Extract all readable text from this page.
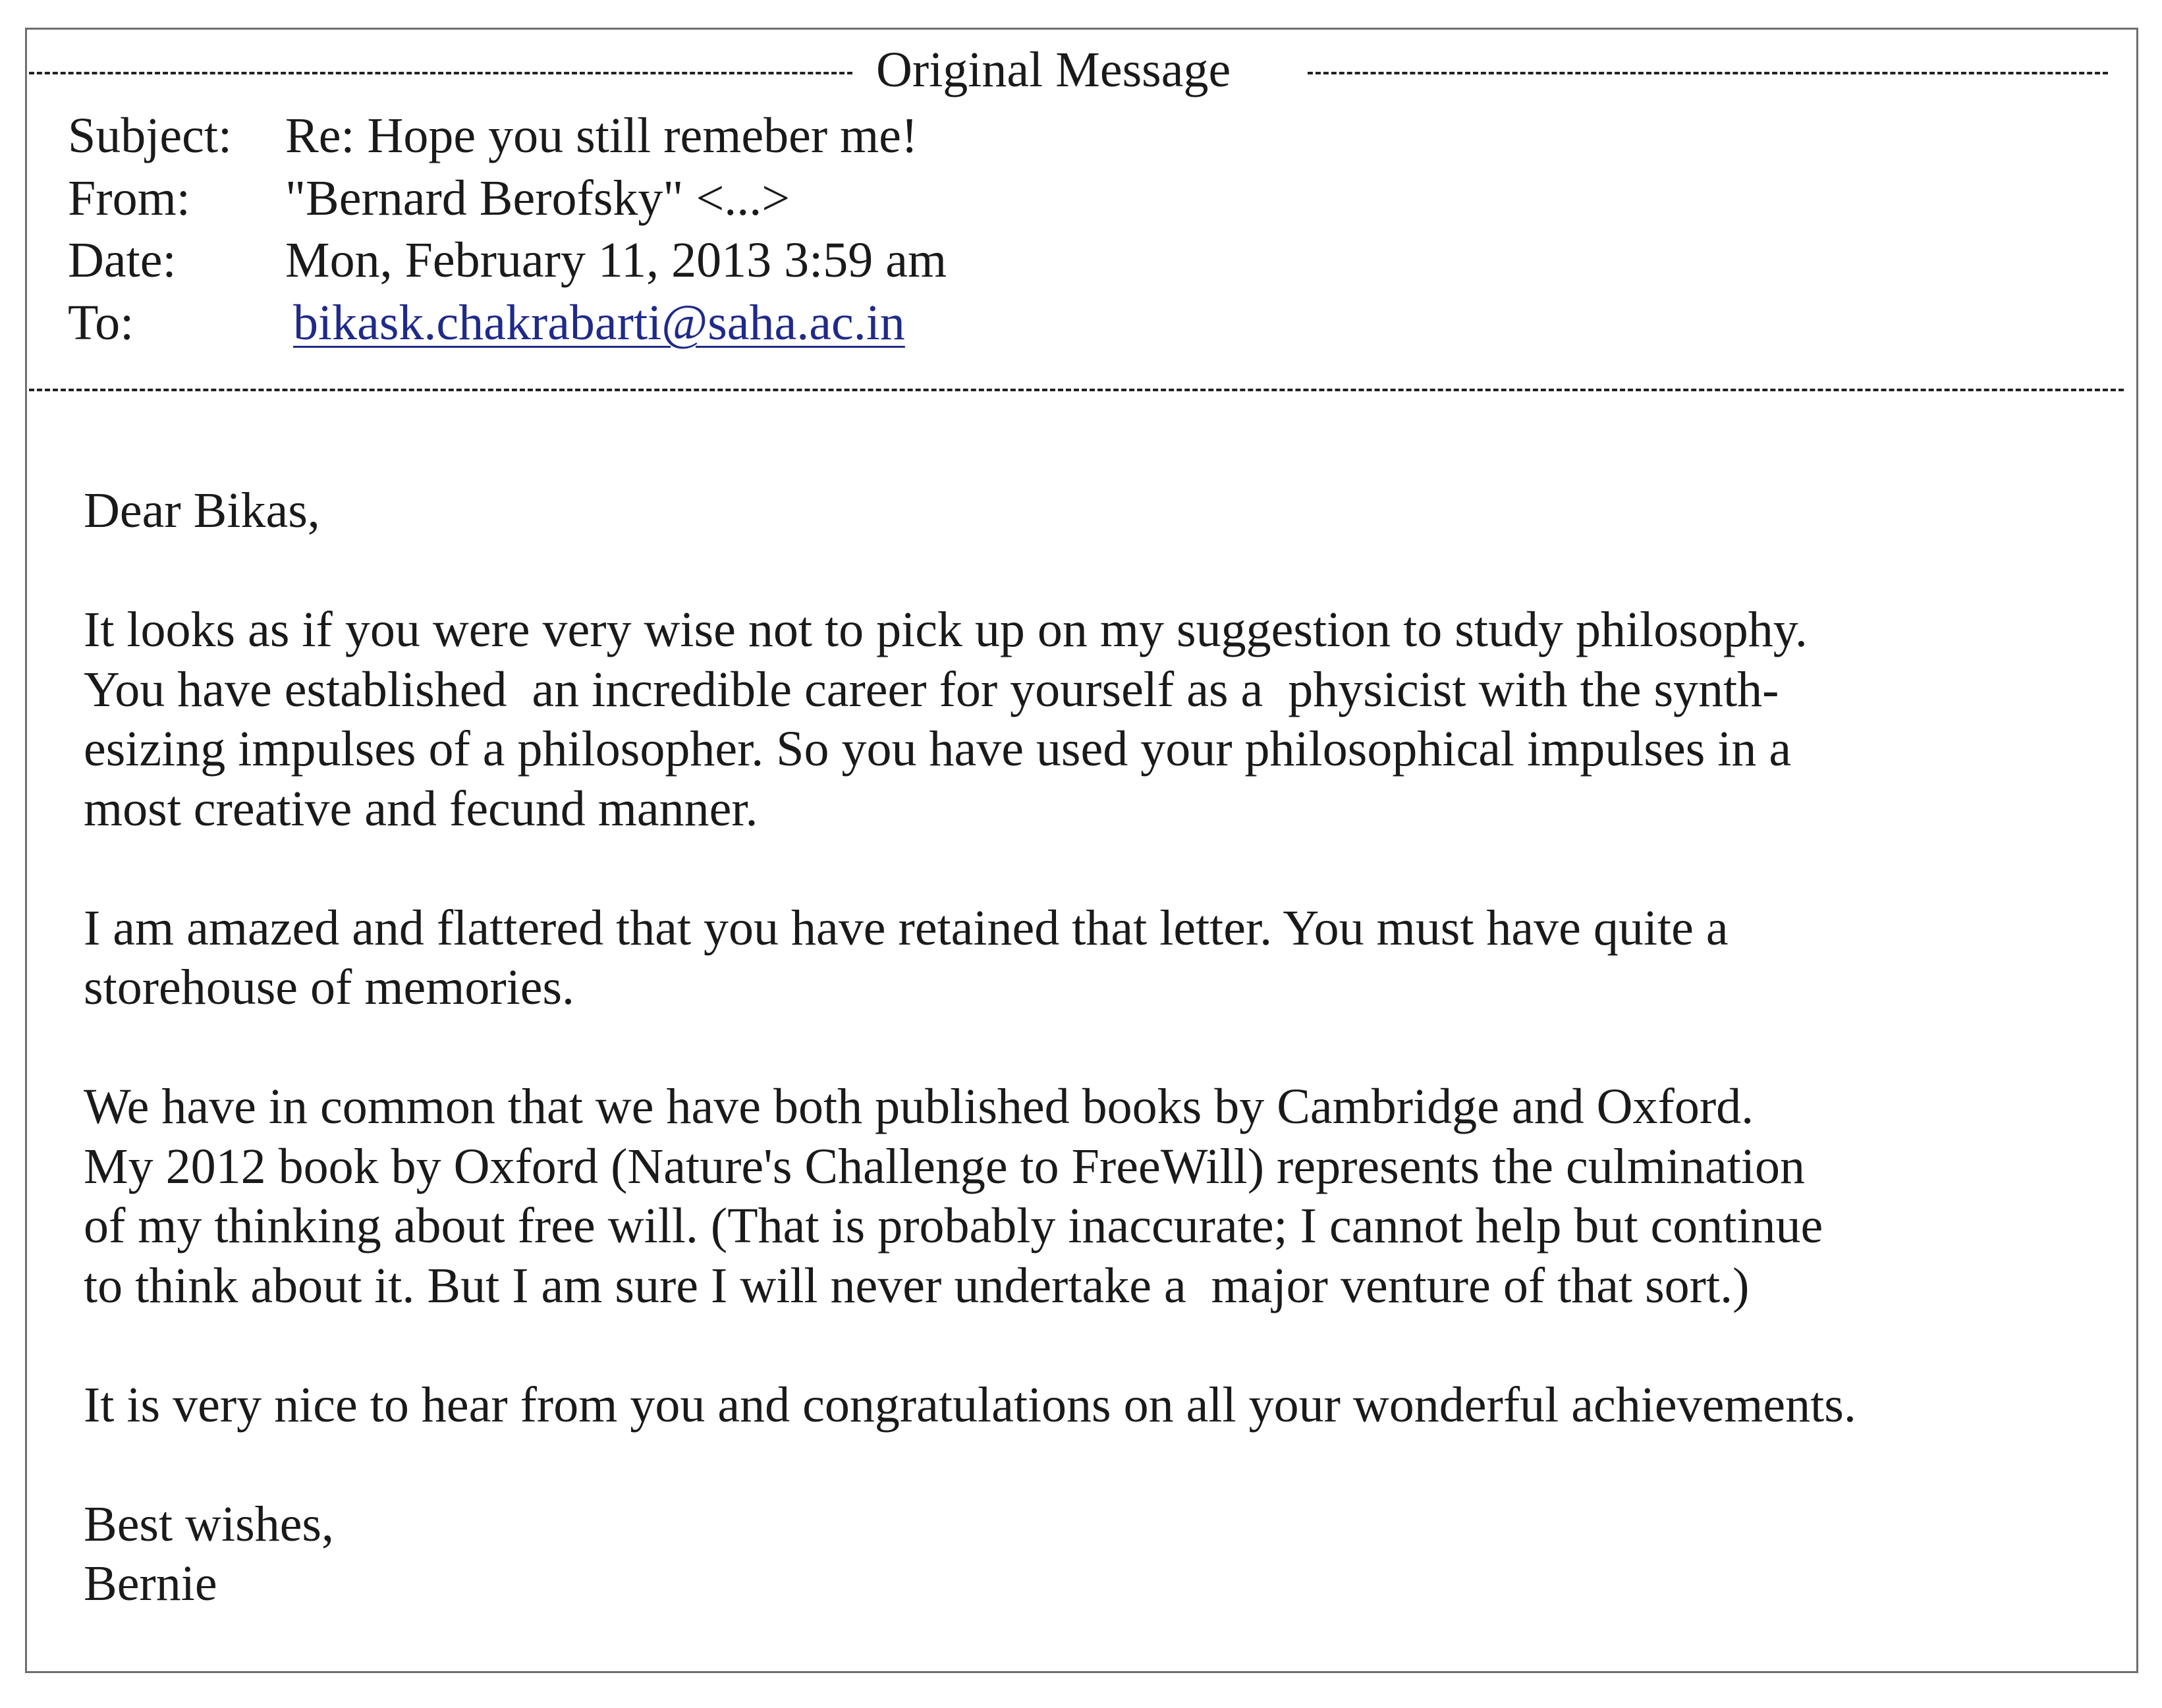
Original Message
Subject: Re: Hope you still remeber me!
From: "Bernard Berofsky" <...>
Date: Mon, February 11, 2013 3:59 am
To:	bikask.chakrabarti@saha.ac.in

Dear Bikas,

It looks as if you were very wise not to pick up on my suggestion to study philosophy.

You have established  an incredible career for yourself as a  physicist with the synth-

esizing impulses of a philosopher. So you have used your philosophical impulses in a

most creative and fecund manner.

I am amazed and flattered that you have retained that letter. You must have quite a

storehouse of memories.

We have in common that we have both published books by Cambridge and Oxford.

My 2012 book by Oxford (Nature's Challenge to FreeWill) represents the culmination

of my thinking about free will. (That is probably inaccurate; I cannot help but continue

to think about it. But I am sure I will never undertake a  major venture of that sort.)

It is very nice to hear from you and congratulations on all your wonderful achievements.

Best wishes,

Bernie
